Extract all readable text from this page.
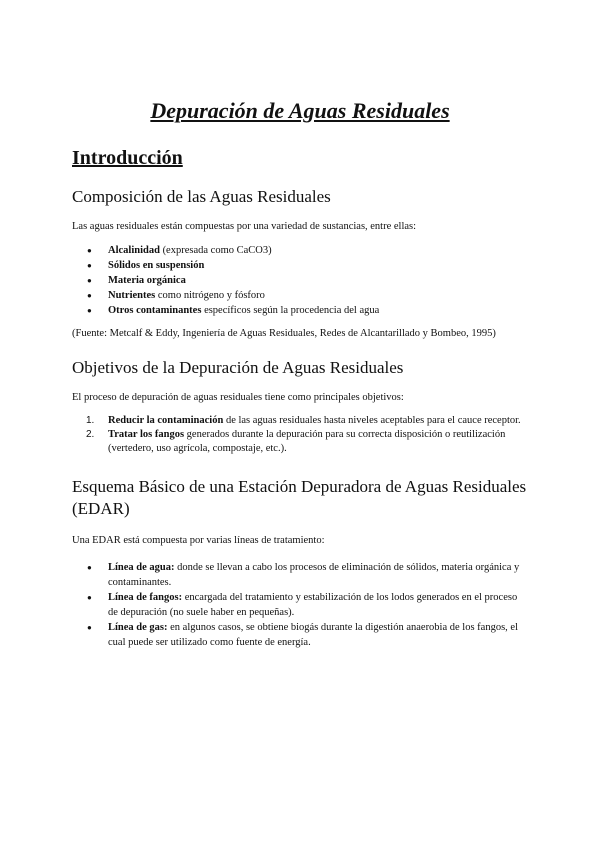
Depuración de Aguas Residuales
Introducción
Composición de las Aguas Residuales

Las aguas residuales están compuestas por una variedad de sustancias, entre ellas:

● Alcalinidad (expresada como CaCO3)
● Sólidos en suspensión
● Materia orgánica
● Nutrientes como nitrógeno y fósforo
● Otros contaminantes específicos según la procedencia del agua

(Fuente: Metcalf & Eddy, Ingeniería de Aguas Residuales, Redes de Alcantarillado y Bombeo, 1995)

Objetivos de la Depuración de Aguas Residuales

El proceso de depuración de aguas residuales tiene como principales objetivos:

1. Reducir la contaminación de las aguas residuales hasta niveles aceptables para el cauce receptor.
2. Tratar los fangos generados durante la depuración para su correcta disposición o reutilización (vertedero, uso agrícola, compostaje, etc.).
Esquema Básico de una Estación Depuradora de Aguas Residuales (EDAR)

Una EDAR está compuesta por varias líneas de tratamiento:

● Línea de agua: donde se llevan a cabo los procesos de eliminación de sólidos, materia orgánica y contaminantes.
● Línea de fangos: encargada del tratamiento y estabilización de los lodos generados en el proceso de depuración (no suele haber en pequeñas).
● Línea de gas: en algunos casos, se obtiene biogás durante la digestión anaerobia de los fangos, el cual puede ser utilizado como fuente de energía.
